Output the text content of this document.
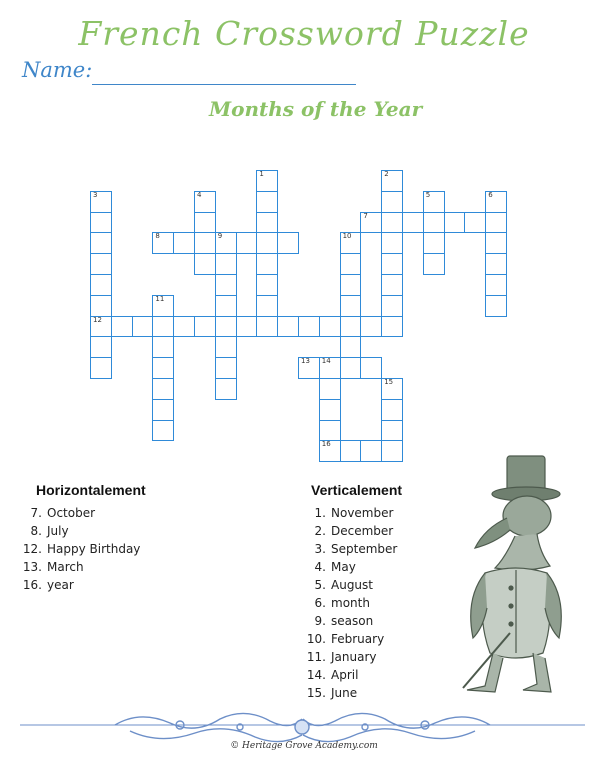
French Crossword Puzzle
Name:
Months of the Year
1	2
3
12
4	5	6
9	10
11
14
16
15
7
8
13
Horizontalement
7. October
8. July
12. Happy Birthday
13. March
16. year
Verticalement
1. November
2. December
3. September
4. May
5. August
6. month
9. season
10. February
11. January
14. April
15. June
© Heritage Grove Academy.com
